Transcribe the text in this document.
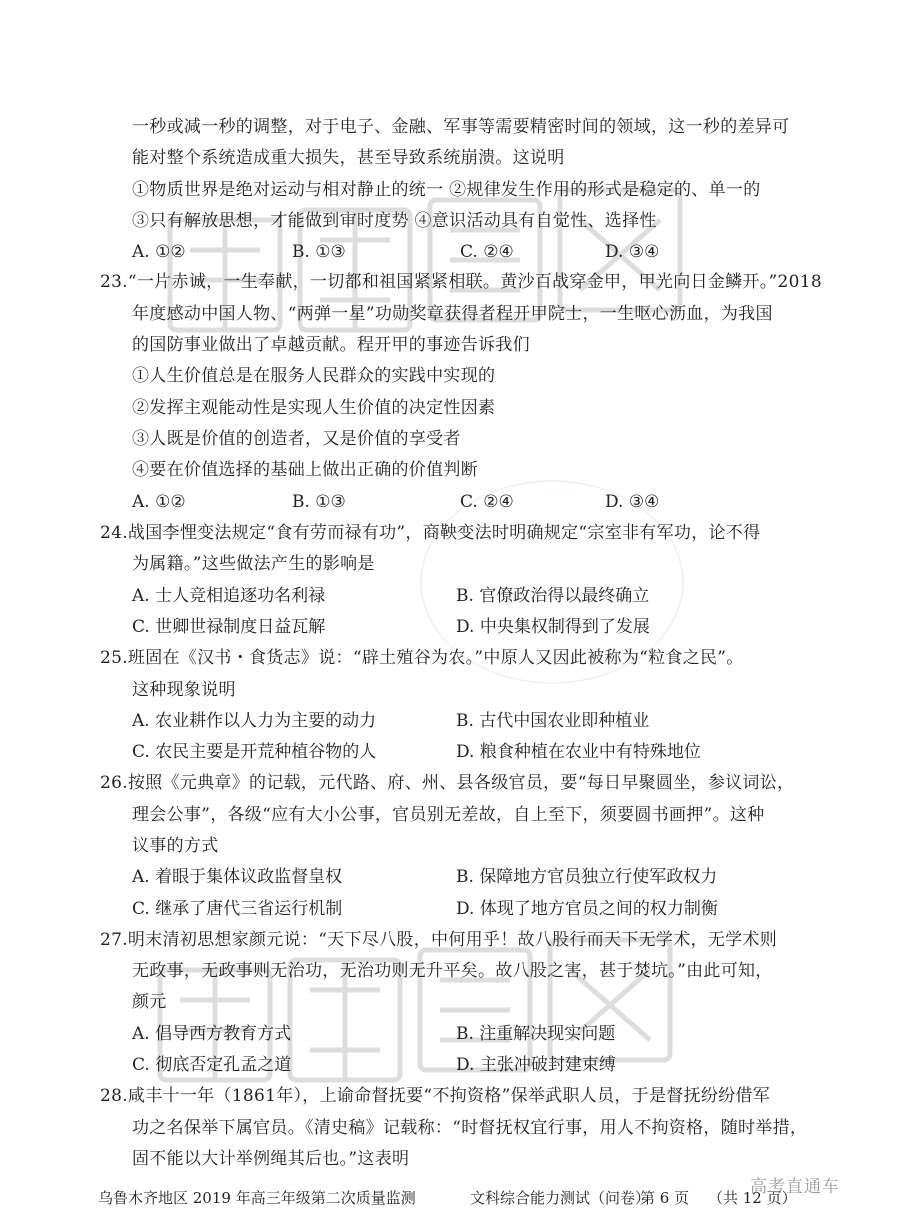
一秒或减一秒的调整，对于电子、金融、军事等需要精密时间的领域，这一秒的差异可
能对整个系统造成重大损失，甚至导致系统崩溃。这说明
①物质世界是绝对运动与相对静止的统一 ②规律发生作用的形式是稳定的、单一的
③只有解放思想，才能做到审时度势 ④意识活动具有自觉性、选择性
A. ①②	B. ①③	C. ②④	D. ③④
23.“一片赤诚，一生奉献，一切都和祖国紧紧相联。黄沙百战穿金甲，甲光向日金鳞开。”2018
年度感动中国人物、“两弹一星”功勋奖章获得者程开甲院士，一生呕心沥血，为我国
的国防事业做出了卓越贡献。程开甲的事迹告诉我们
①人生价值总是在服务人民群众的实践中实现的
②发挥主观能动性是实现人生价值的决定性因素
③人既是价值的创造者，又是价值的享受者
④要在价值选择的基础上做出正确的价值判断
A. ①②	B. ①③	C. ②④	D. ③④
24.战国李悝变法规定“食有劳而禄有功”，商鞅变法时明确规定“宗室非有军功，论不得
为属籍。”这些做法产生的影响是
A. 士人竞相追逐功名利禄	B. 官僚政治得以最终确立
C. 世卿世禄制度日益瓦解	D. 中央集权制得到了发展
25.班固在《汉书・食货志》说：“辟土殖谷为农。”中原人又因此被称为“粒食之民”。
这种现象说明
A. 农业耕作以人力为主要的动力	B. 古代中国农业即种植业
C. 农民主要是开荒种植谷物的人	D. 粮食种植在农业中有特殊地位
26.按照《元典章》的记载，元代路、府、州、县各级官员，要“每日早聚圆坐，参议词讼，
理会公事”，各级“应有大小公事，官员别无差故，自上至下，须要圆书画押”。这种
议事的方式
A. 着眼于集体议政监督皇权	B. 保障地方官员独立行使军政权力
C. 继承了唐代三省运行机制	D. 体现了地方官员之间的权力制衡
27.明末清初思想家颜元说：“天下尽八股，中何用乎！故八股行而天下无学术，无学术则
无政事，无政事则无治功，无治功则无升平矣。故八股之害，甚于焚坑。”由此可知，
颜元
A. 倡导西方教育方式	B. 注重解决现实问题
C. 彻底否定孔孟之道	D. 主张冲破封建束缚
28.咸丰十一年（1861年），上谕命督抚要“不拘资格”保举武职人员，于是督抚纷纷借军
功之名保举下属官员。《清史稿》记载称：“时督抚权宜行事，用人不拘资格，随时举措，
固不能以大计举例绳其后也。”这表明
乌鲁木齐地区 2019 年高三年级第二次质量监测	文科综合能力测试（问卷）
第 6 页 （共 12 页）
高考直通车
